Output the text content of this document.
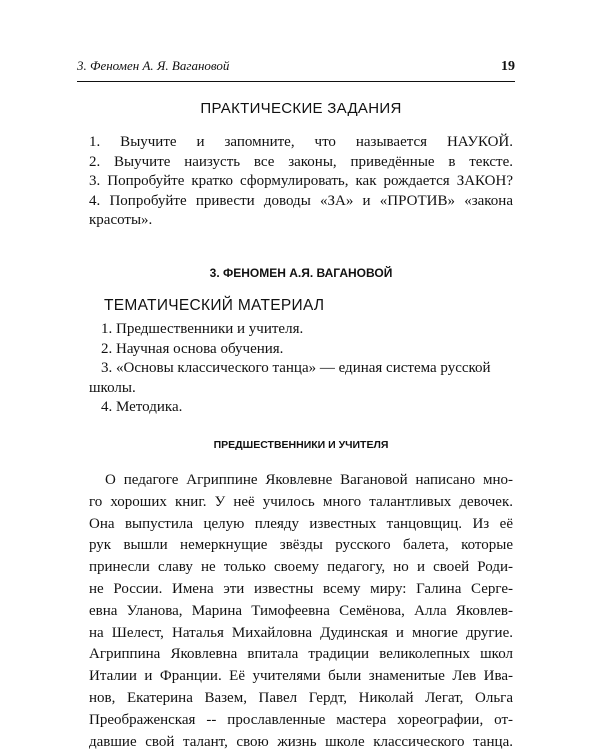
3. Феномен А. Я. Вагановой	19
ПРАКТИЧЕСКИЕ ЗАДАНИЯ
1. Выучите и запомните, что называется НАУКОЙ.
2. Выучите наизусть все законы, приведённые в тексте.
3. Попробуйте кратко сформулировать, как рождается ЗАКОН?
4. Попробуйте привести доводы «ЗА» и «ПРОТИВ» «закона
красоты».
3. ФЕНОМЕН А.Я. ВАГАНОВОЙ
ТЕМАТИЧЕСКИЙ МАТЕРИАЛ
1. Предшественники и учителя.
2. Научная основа обучения.
3. «Основы классического танца» — единая система русской
школы.
4. Методика.
ПРЕДШЕСТВЕННИКИ И УЧИТЕЛЯ
О педагоге Агриппине Яковлевне Вагановой написано мно-
го хороших книг. У неё училось много талантливых девочек.
Она выпустила целую плеяду известных танцовщиц. Из её
рук вышли немеркнущие звёзды русского балета, которые
принесли славу не только своему педагогу, но и своей Роди-
не России. Имена эти известны всему миру: Галина Серге-
евна Уланова, Марина Тимофеевна Семёнова, Алла Яковлев-
на Шелест, Наталья Михайловна Дудинская и многие другие.
Агриппина Яковлевна впитала традиции великолепных школ
Италии и Франции. Её учителями были знаменитые Лев Ива-
нов, Екатерина Вазем, Павел Гердт, Николай Легат, Ольга
Преображенская -- прославленные мастера хореографии, от-
давшие свой талант, свою жизнь школе классического танца.
